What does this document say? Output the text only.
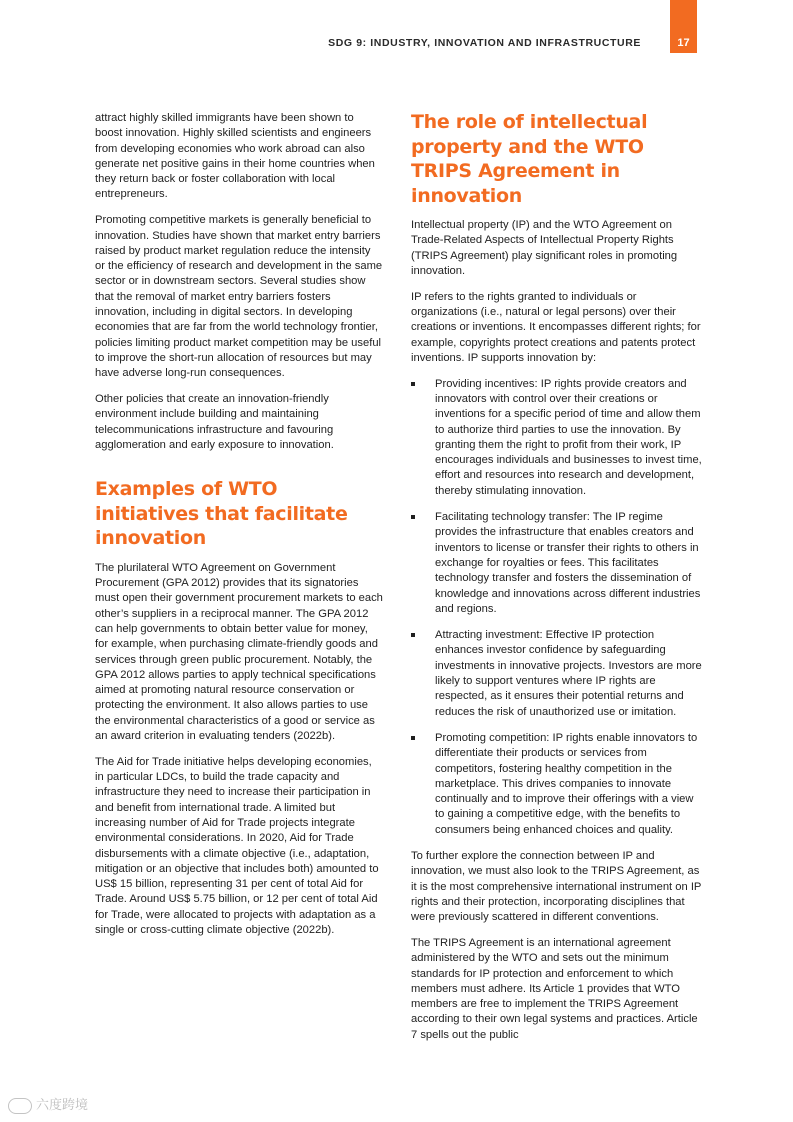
SDG 9: INDUSTRY, INNOVATION AND INFRASTRUCTURE	17

attract highly skilled immigrants have been shown to boost innovation. Highly skilled scientists and engineers from developing economies who work abroad can also generate net positive gains in their home countries when they return back or foster collaboration with local entrepreneurs.

Promoting competitive markets is generally beneficial to innovation. Studies have shown that market entry barriers raised by product market regulation reduce the intensity or the efficiency of research and development in the same sector or in downstream sectors. Several studies show that the removal of market entry barriers fosters innovation, including in digital sectors. In developing economies that are far from the world technology frontier, policies limiting product market competition may be useful to improve the short-run allocation of resources but may have adverse long-run consequences.

Other policies that create an innovation-friendly environment include building and maintaining telecommunications infrastructure and favouring agglomeration and early exposure to innovation.

Examples of WTO initiatives that facilitate innovation

The plurilateral WTO Agreement on Government Procurement (GPA 2012) provides that its signatories must open their government procurement markets to each other’s suppliers in a reciprocal manner. The GPA 2012 can help governments to obtain better value for money, for example, when purchasing climate-friendly goods and services through green public procurement. Notably, the GPA 2012 allows parties to apply technical specifications aimed at promoting natural resource conservation or protecting the environment. It also allows parties to use the environmental characteristics of a good or service as an award criterion in evaluating tenders (2022b).

The Aid for Trade initiative helps developing economies, in particular LDCs, to build the trade capacity and infrastructure they need to increase their participation in and benefit from international trade. A limited but increasing number of Aid for Trade projects integrate environmental considerations. In 2020, Aid for Trade disbursements with a climate objective (i.e., adaptation, mitigation or an objective that includes both) amounted to US$ 15 billion, representing 31 per cent of total Aid for Trade. Around US$ 5.75 billion, or 12 per cent of total Aid for Trade, were allocated to projects with adaptation as a single or cross-cutting climate objective (2022b).

The role of intellectual property and the WTO TRIPS Agreement in innovation

Intellectual property (IP) and the WTO Agreement on Trade-Related Aspects of Intellectual Property Rights (TRIPS Agreement) play significant roles in promoting innovation.

IP refers to the rights granted to individuals or organizations (i.e., natural or legal persons) over their creations or inventions. It encompasses different rights; for example, copyrights protect creations and patents protect inventions. IP supports innovation by:

Providing incentives: IP rights provide creators and innovators with control over their creations or inventions for a specific period of time and allow them to authorize third parties to use the innovation. By granting them the right to profit from their work, IP encourages individuals and businesses to invest time, effort and resources into research and development, thereby stimulating innovation.
Facilitating technology transfer: The IP regime provides the infrastructure that enables creators and inventors to license or transfer their rights to others in exchange for royalties or fees. This facilitates technology transfer and fosters the dissemination of knowledge and innovations across different industries and regions.
Attracting investment: Effective IP protection enhances investor confidence by safeguarding investments in innovative projects. Investors are more likely to support ventures where IP rights are respected, as it ensures their potential returns and reduces the risk of unauthorized use or imitation.
Promoting competition: IP rights enable innovators to differentiate their products or services from competitors, fostering healthy competition in the marketplace. This drives companies to innovate continually and to improve their offerings with a view to gaining a competitive edge, with the benefits to consumers being enhanced choices and quality.

To further explore the connection between IP and innovation, we must also look to the TRIPS Agreement, as it is the most comprehensive international instrument on IP rights and their protection, incorporating disciplines that were previously scattered in different conventions.

The TRIPS Agreement is an international agreement administered by the WTO and sets out the minimum standards for IP protection and enforcement to which members must adhere. Its Article 1 provides that WTO members are free to implement the TRIPS Agreement according to their own legal systems and practices. Article 7 spells out the public

六度跨境
